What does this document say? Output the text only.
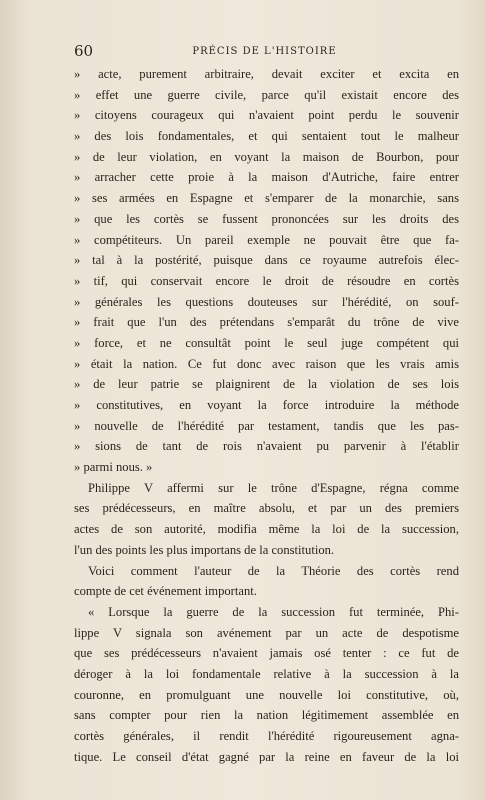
60	PRÉCIS DE L'HISTOIRE
» acte, purement arbitraire, devait exciter et excita en
» effet une guerre civile, parce qu'il existait encore des
» citoyens courageux qui n'avaient point perdu le souvenir
» des lois fondamentales, et qui sentaient tout le malheur
» de leur violation, en voyant la maison de Bourbon, pour
» arracher cette proie à la maison d'Autriche, faire entrer
» ses armées en Espagne et s'emparer de la monarchie, sans
» que les cortès se fussent prononcées sur les droits des
» compétiteurs. Un pareil exemple ne pouvait être que fa-
» tal à la postérité, puisque dans ce royaume autrefois élec-
» tif, qui conservait encore le droit de résoudre en cortès
» générales les questions douteuses sur l'hérédité, on souf-
» frait que l'un des prétendans s'emparât du trône de vive
» force, et ne consultât point le seul juge compétent qui
» était la nation. Ce fut donc avec raison que les vrais amis
» de leur patrie se plaignirent de la violation de ses lois
» constitutives, en voyant la force introduire la méthode
» nouvelle de l'hérédité par testament, tandis que les pas-
» sions de tant de rois n'avaient pu parvenir à l'établir
» parmi nous. »
Philippe V affermi sur le trône d'Espagne, régna comme
ses prédécesseurs, en maître absolu, et par un des premiers
actes de son autorité, modifia même la loi de la succession,
l'un des points les plus importans de la constitution.
Voici comment l'auteur de la Théorie des cortès rend
compte de cet événement important.
« Lorsque la guerre de la succession fut terminée, Phi-
lippe V signala son avénement par un acte de despotisme
que ses prédécesseurs n'avaient jamais osé tenter : ce fut de
déroger à la loi fondamentale relative à la succession à la
couronne, en promulguant une nouvelle loi constitutive, où,
sans compter pour rien la nation légitimement assemblée en
cortès générales, il rendit l'hérédité rigoureusement agna-
tique. Le conseil d'état gagné par la reine en faveur de la loi
